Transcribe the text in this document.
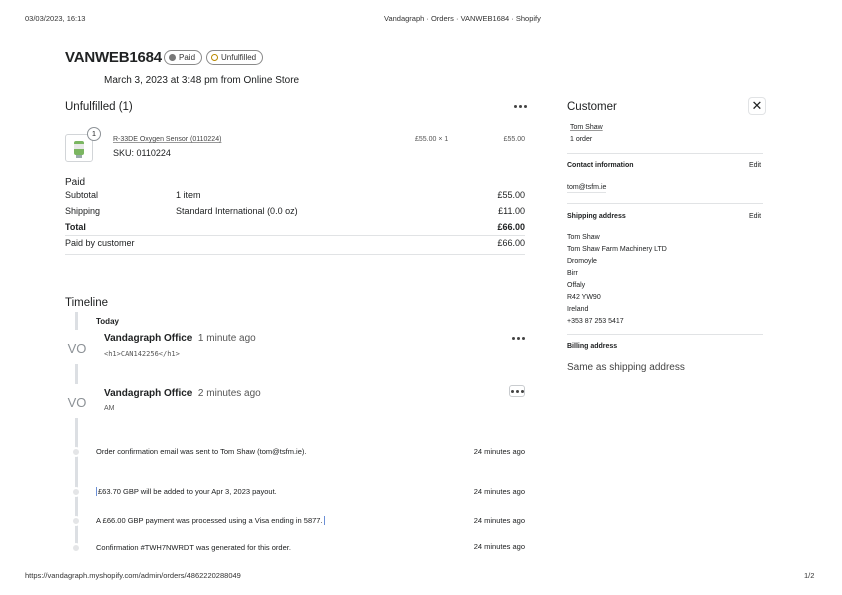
03/03/2023, 16:13	Vandagraph · Orders · VANWEB1684 · Shopify
VANWEB1684 Paid	Unfulfilled
March 3, 2023 at 3:48 pm from Online Store
Unfulfilled (1)
1
R-33DE Oxygen Sensor (0110224)
SKU: 0110224
£55.00 × 1	£55.00
Paid
Subtotal	1 item	£55.00
Shipping	Standard International (0.0 oz)	£11.00
Total	£66.00
Paid by customer	£66.00
Timeline
Today
VO
Vandagraph Office 1 minute ago
<h1>CAN142256</h1>
VO
Vandagraph Office 2 minutes ago
AM
Order confirmation email was sent to Tom Shaw (tom@tsfm.ie).	24 minutes ago
£63.70 GBP will be added to your Apr 3, 2023 payout.	24 minutes ago
A £66.00 GBP payment was processed using a Visa ending in 5877.	24 minutes ago
Confirmation #TWH7NWRDT was generated for this order.	24 minutes ago
Customer	✕
Tom Shaw
1 order
Contact information	Edit
tom@tsfm.ie
Shipping address	Edit
Tom Shaw
Tom Shaw Farm Machinery LTD
Dromoyle
Birr
Offaly
R42 YW90
Ireland
+353 87 253 5417
Billing address
Same as shipping address
https://vandagraph.myshopify.com/admin/orders/4862220288049	1/2
